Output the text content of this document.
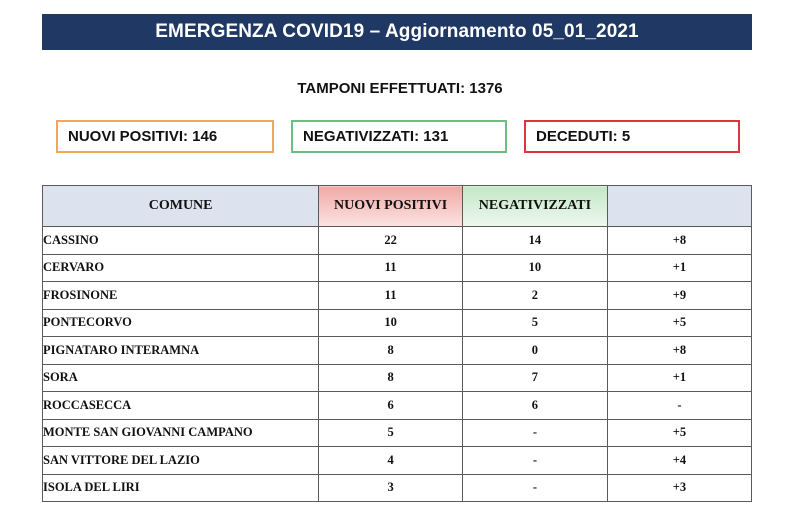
EMERGENZA COVID19 – Aggiornamento 05_01_2021
TAMPONI EFFETTUATI: 1376
NUOVI POSITIVI: 146	NEGATIVIZZATI: 131	DECEDUTI: 5
COMUNE	NUOVI POSITIVI	NEGATIVIZZATI	
CASSINO	22	14	+8
CERVARO	11	10	+1
FROSINONE	11	2	+9
PONTECORVO	10	5	+5
PIGNATARO INTERAMNA	8	0	+8
SORA	8	7	+1
ROCCASECCA	6	6	-
MONTE SAN GIOVANNI CAMPANO	5	-	+5
SAN VITTORE DEL LAZIO	4	-	+4
ISOLA DEL LIRI	3	-	+3
